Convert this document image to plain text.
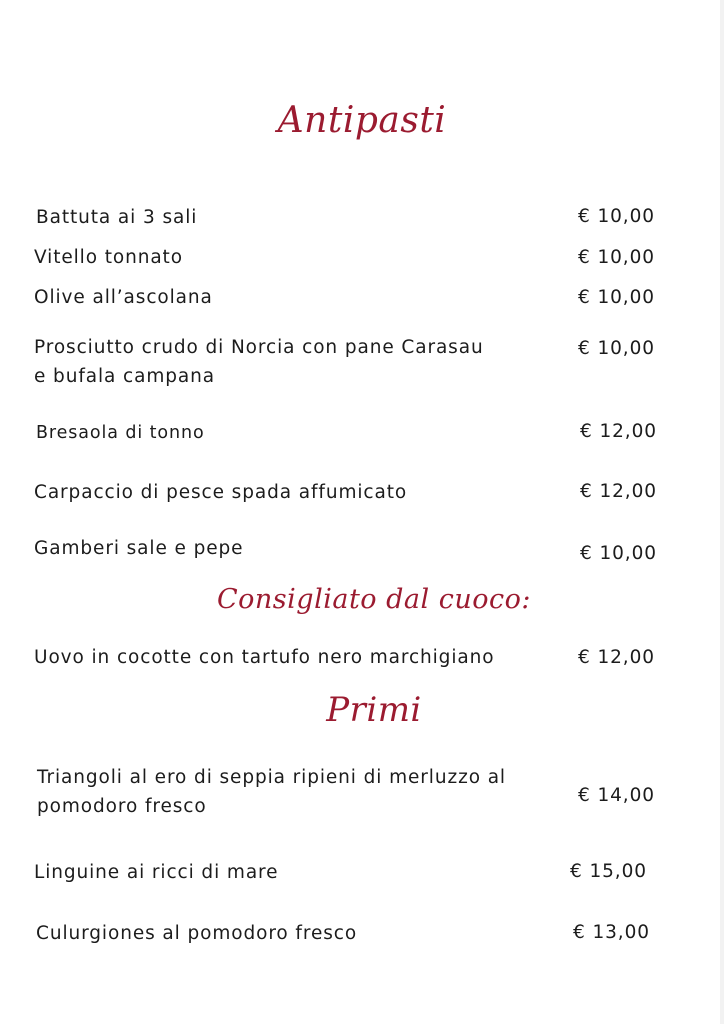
Antipasti
Battuta ai 3 sali	€ 10,00
Vitello tonnato	€ 10,00
Olive all’ascolana	€ 10,00
Prosciutto crudo di Norcia con pane Carasau
e bufala campana
€ 10,00
Bresaola di tonno	€ 12,00
Carpaccio di pesce spada affumicato	€ 12,00
Gamberi sale e pepe	€ 10,00
Consigliato dal cuoco:
Uovo in cocotte con tartufo nero marchigiano	€ 12,00
Primi
Triangoli al ero di seppia ripieni di merluzzo al
pomodoro fresco
€ 14,00
Linguine ai ricci di mare	€ 15,00
Culurgiones al pomodoro fresco	€ 13,00
